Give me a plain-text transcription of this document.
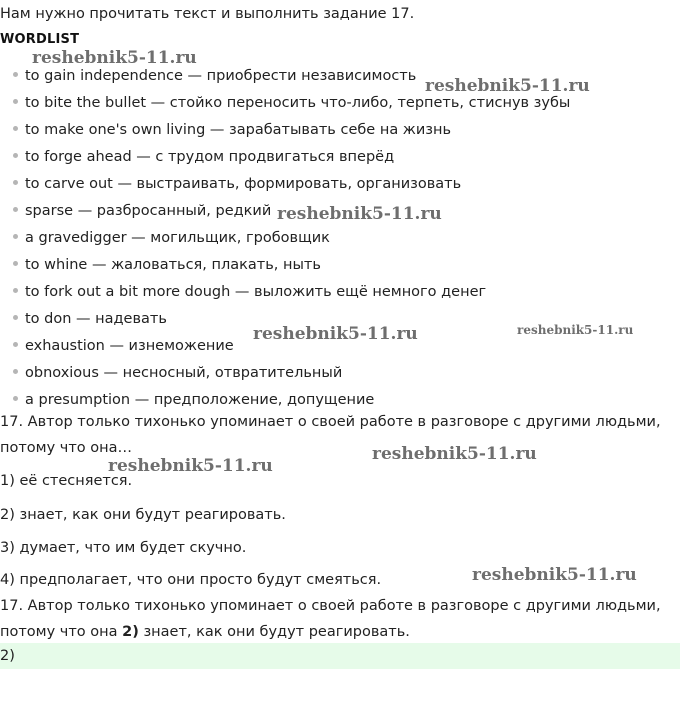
Нам нужно прочитать текст и выполнить задание 17.
WORDLIST
to gain independence — приобрести независимость
to bite the bullet — стойко переносить что-либо, терпеть, стиснув зубы
to make one's own living — зарабатывать себе на жизнь
to forge ahead — с трудом продвигаться вперёд
to carve out — выстраивать, формировать, организовать
sparse — разбросанный, редкий
a gravedigger — могильщик, гробовщик
to whine — жаловаться, плакать, ныть
to fork out a bit more dough — выложить ещё немного денег
to don — надевать
exhaustion — изнеможение
obnoxious — несносный, отвратительный
a presumption — предположение, допущение
17. Автор только тихонько упоминает о своей работе в разговоре с другими людьми,
потому что она…
1) её стесняется.
2) знает, как они будут реагировать.
3) думает, что им будет скучно.
4) предполагает, что они просто будут смеяться.
17. Автор только тихонько упоминает о своей работе в разговоре с другими людьми,
потому что она 2) знает, как они будут реагировать.
2)
reshebnik5-11.ru
reshebnik5-11.ru
reshebnik5-11.ru
reshebnik5-11.ru	reshebnik5-11.ru
reshebnik5-11.ru
reshebnik5-11.ru
reshebnik5-11.ru
